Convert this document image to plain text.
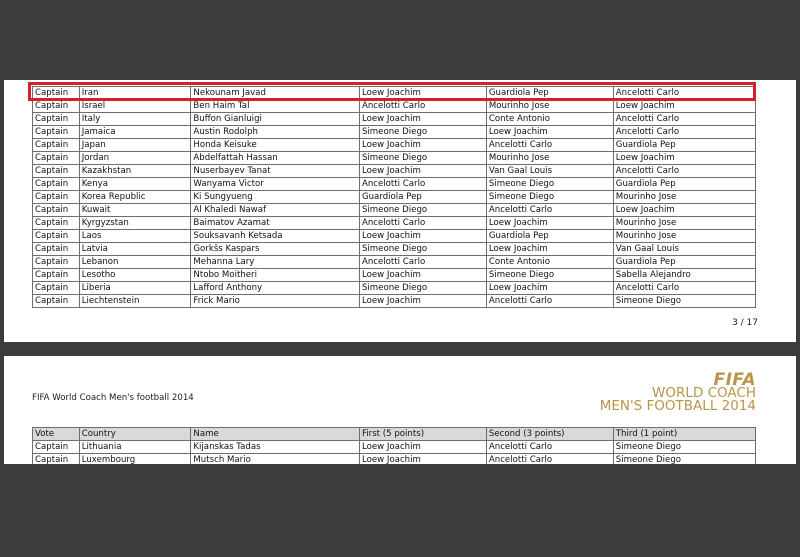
Captain	Iran	Nekounam Javad	Loew Joachim	Guardiola Pep	Ancelotti Carlo
Captain	Israel	Ben Haim Tal	Ancelotti Carlo	Mourinho Jose	Loew Joachim
Captain	Italy	Buffon Gianluigi	Loew Joachim	Conte Antonio	Ancelotti Carlo
Captain	Jamaica	Austin Rodolph	Simeone Diego	Loew Joachim	Ancelotti Carlo
Captain	Japan	Honda Keisuke	Loew Joachim	Ancelotti Carlo	Guardiola Pep
Captain	Jordan	Abdelfattah Hassan	Simeone Diego	Mourinho Jose	Loew Joachim
Captain	Kazakhstan	Nuserbayev Tanat	Loew Joachim	Van Gaal Louis	Ancelotti Carlo
Captain	Kenya	Wanyama Victor	Ancelotti Carlo	Simeone Diego	Guardiola Pep
Captain	Korea Republic	Ki Sungyueng	Guardiola Pep	Simeone Diego	Mourinho Jose
Captain	Kuwait	Al Khaledi Nawaf	Simeone Diego	Ancelotti Carlo	Loew Joachim
Captain	Kyrgyzstan	Baimatov Azamat	Ancelotti Carlo	Loew Joachim	Mourinho Jose
Captain	Laos	Souksavanh Ketsada	Loew Joachim	Guardiola Pep	Mourinho Jose
Captain	Latvia	Gorkšs Kaspars	Simeone Diego	Loew Joachim	Van Gaal Louis
Captain	Lebanon	Mehanna Lary	Ancelotti Carlo	Conte Antonio	Guardiola Pep
Captain	Lesotho	Ntobo Moitheri	Loew Joachim	Simeone Diego	Sabella Alejandro
Captain	Liberia	Lafford Anthony	Simeone Diego	Loew Joachim	Ancelotti Carlo
Captain	Liechtenstein	Frick Mario	Loew Joachim	Ancelotti Carlo	Simeone Diego
3 / 17
FIFA World Coach Men's football 2014
FIFA
WORLD COACH
MEN'S FOOTBALL 2014
Vote	Country	Name	First (5 points)	Second (3 points)	Third (1 point)
Captain	Lithuania	Kijanskas Tadas	Loew Joachim	Ancelotti Carlo	Simeone Diego
Captain	Luxembourg	Mutsch Mario	Loew Joachim	Ancelotti Carlo	Simeone Diego
